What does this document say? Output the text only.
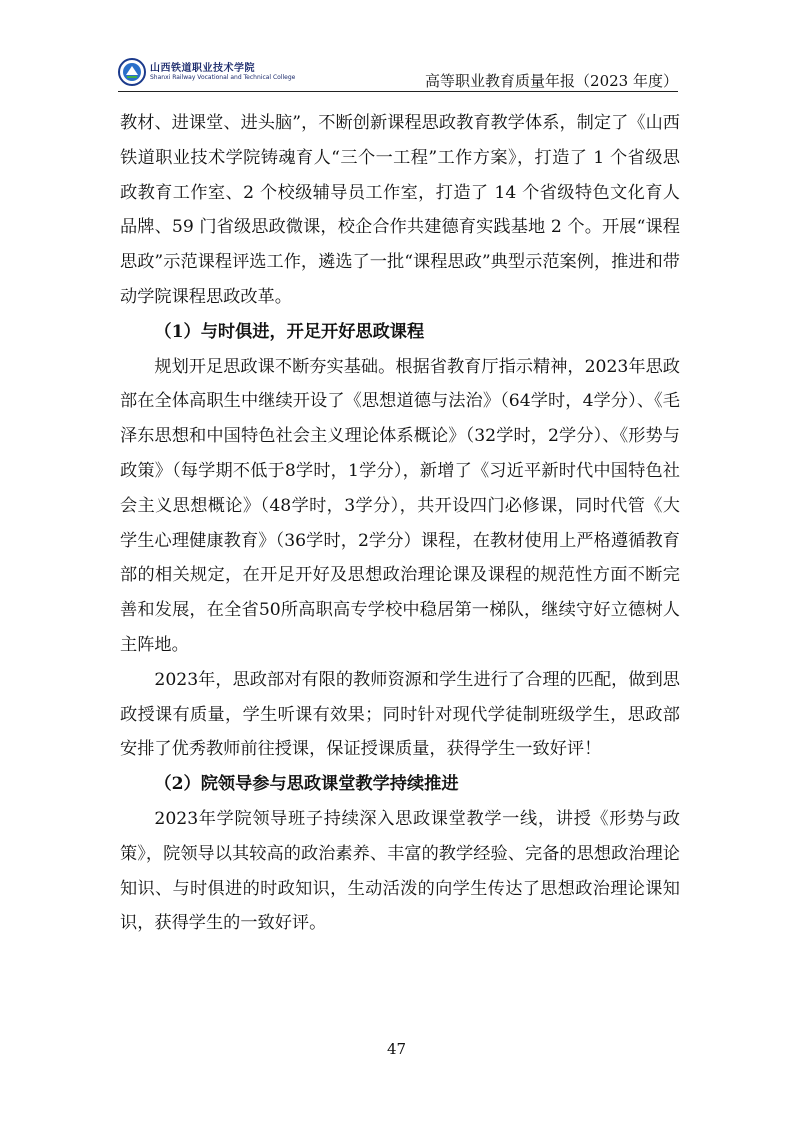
山西铁道职业技术学院
Shanxi Railway Vocational and Technical College	高等职业教育质量年报（2023 年度）

教材、进课堂、进头脑”，不断创新课程思政教育教学体系，制定了《山西铁道职业技术学院铸魂育人“三个一工程”工作方案》，打造了 1 个省级思政教育工作室、2 个校级辅导员工作室，打造了 14 个省级特色文化育人品牌、59 门省级思政微课，校企合作共建德育实践基地 2 个。开展“课程思政”示范课程评选工作，遴选了一批“课程思政”典型示范案例，推进和带动学院课程思政改革。

（1）与时俱进，开足开好思政课程

规划开足思政课不断夯实基础。根据省教育厅指示精神，2023年思政部在全体高职生中继续开设了《思想道德与法治》（64学时，4学分）、《毛泽东思想和中国特色社会主义理论体系概论》（32学时，2学分）、《形势与政策》（每学期不低于8学时，1学分），新增了《习近平新时代中国特色社会主义思想概论》（48学时，3学分），共开设四门必修课，同时代管《大学生心理健康教育》（36学时，2学分）课程，在教材使用上严格遵循教育部的相关规定，在开足开好及思想政治理论课及课程的规范性方面不断完善和发展，在全省50所高职高专学校中稳居第一梯队，继续守好立德树人主阵地。

2023年，思政部对有限的教师资源和学生进行了合理的匹配，做到思政授课有质量，学生听课有效果；同时针对现代学徒制班级学生，思政部安排了优秀教师前往授课，保证授课质量，获得学生一致好评！

（2）院领导参与思政课堂教学持续推进

2023年学院领导班子持续深入思政课堂教学一线，讲授《形势与政策》，院领导以其较高的政治素养、丰富的教学经验、完备的思想政治理论知识、与时俱进的时政知识，生动活泼的向学生传达了思想政治理论课知识，获得学生的一致好评。

47
